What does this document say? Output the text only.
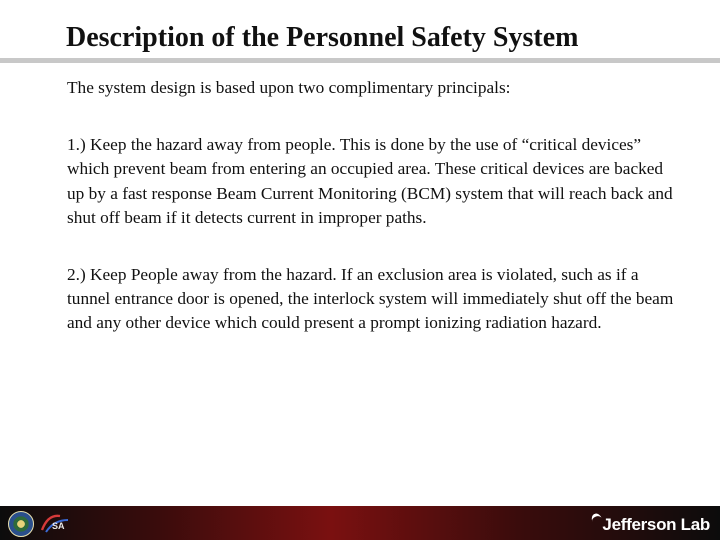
Description of the Personnel Safety System

The system design is based upon two complimentary principals:

1.) Keep the hazard away from people. This is done by the use of “critical devices” which prevent beam from entering an occupied area. These critical devices are backed up by a fast response Beam Current Monitoring (BCM) system that will reach back and shut off beam if it detects current in improper paths.

2.) Keep People away from the hazard. If an exclusion area is violated, such as if a tunnel entrance door is opened, the interlock system will immediately shut off the beam and any other device which could present a prompt ionizing radiation hazard.

SA	Jefferson Lab
